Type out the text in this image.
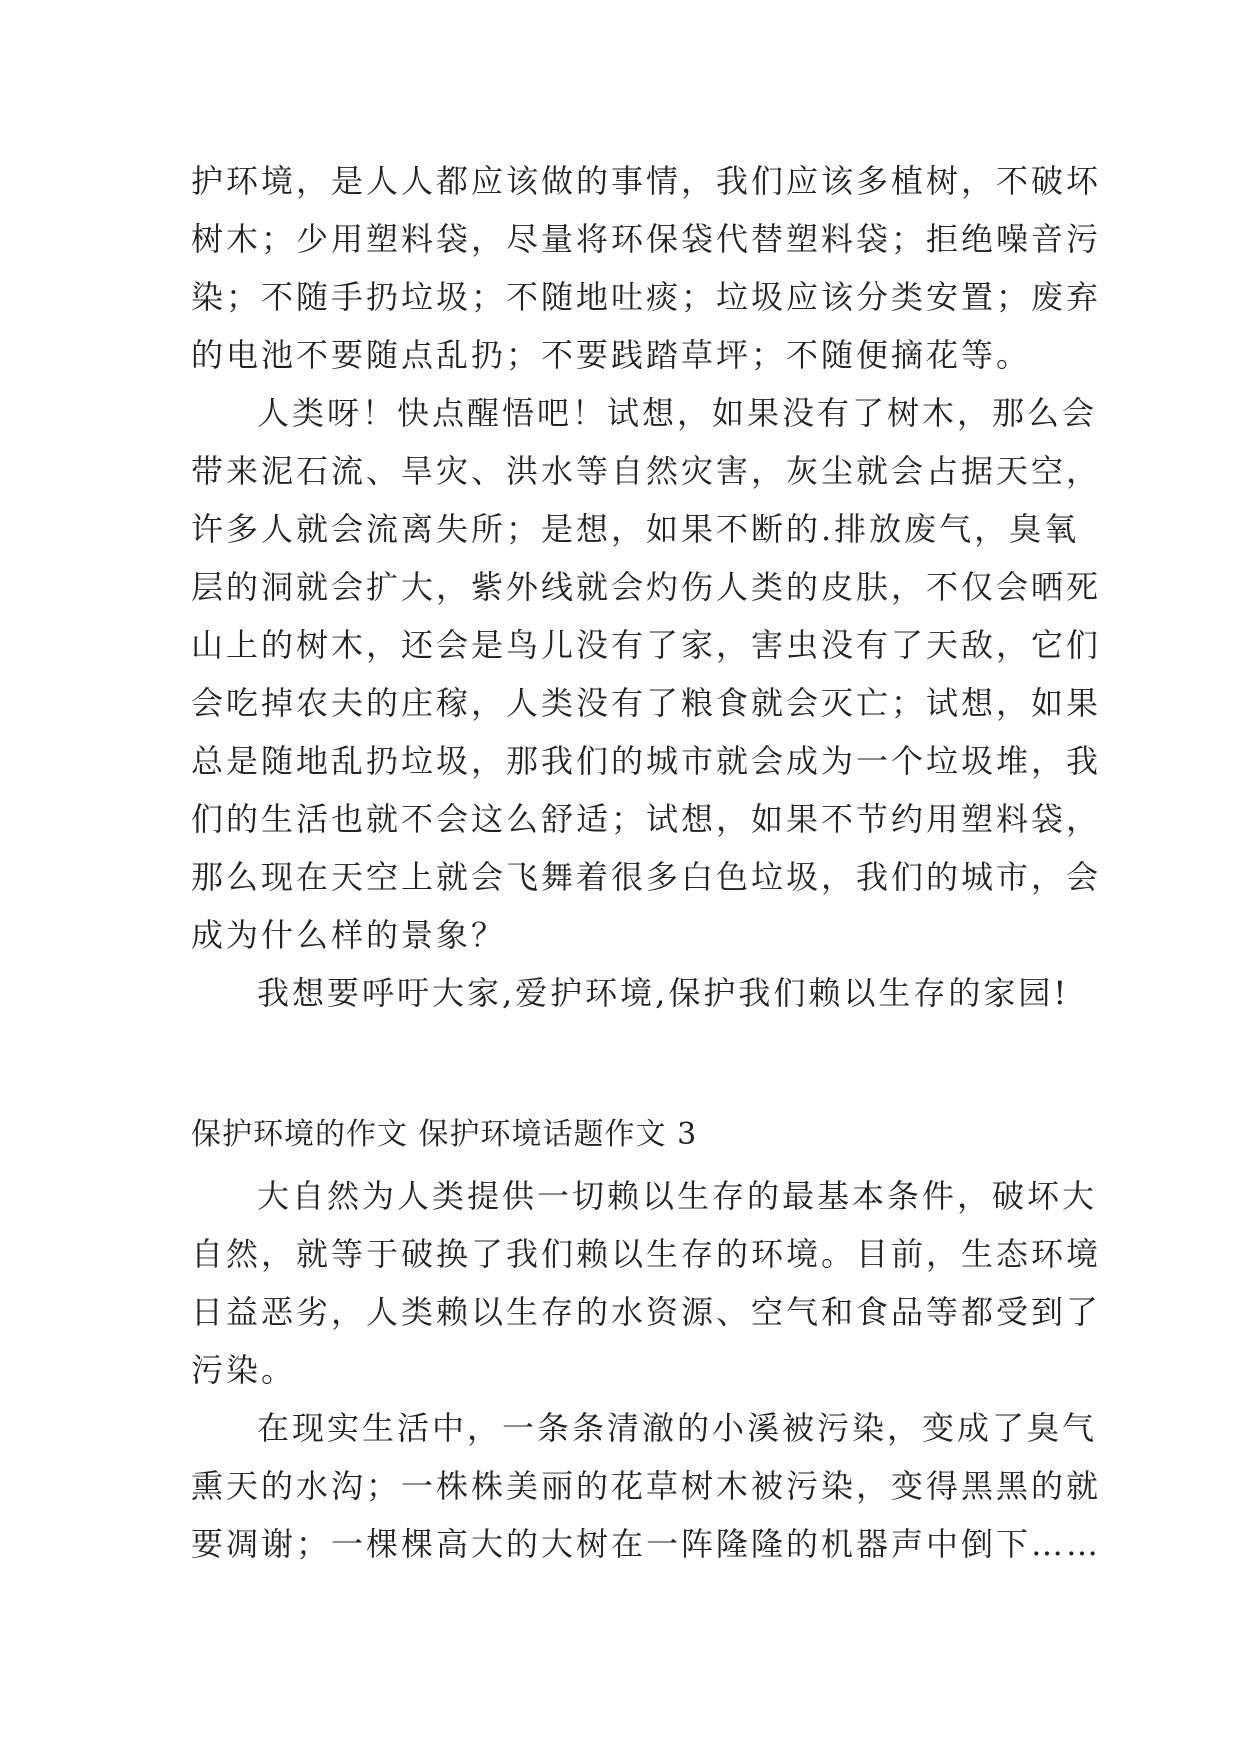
护环境，是人人都应该做的事情，我们应该多植树，不破坏
树木；少用塑料袋，尽量将环保袋代替塑料袋；拒绝噪音污
染；不随手扔垃圾；不随地吐痰；垃圾应该分类安置；废弃
的电池不要随点乱扔；不要践踏草坪；不随便摘花等。

人类呀！快点醒悟吧！试想，如果没有了树木，那么会
带来泥石流、旱灾、洪水等自然灾害，灰尘就会占据天空，
许多人就会流离失所；是想，如果不断的.排放废气，臭氧
层的洞就会扩大，紫外线就会灼伤人类的皮肤，不仅会晒死
山上的树木，还会是鸟儿没有了家，害虫没有了天敌，它们
会吃掉农夫的庄稼，人类没有了粮食就会灭亡；试想，如果
总是随地乱扔垃圾，那我们的城市就会成为一个垃圾堆，我
们的生活也就不会这么舒适；试想，如果不节约用塑料袋，
那么现在天空上就会飞舞着很多白色垃圾，我们的城市，会
成为什么样的景象？

我想要呼吁大家,爱护环境,保护我们赖以生存的家园!

保护环境的作文 保护环境话题作文 3

大自然为人类提供一切赖以生存的最基本条件，破坏大
自然，就等于破换了我们赖以生存的环境。目前，生态环境
日益恶劣，人类赖以生存的水资源、空气和食品等都受到了
污染。

在现实生活中，一条条清澈的小溪被污染，变成了臭气
熏天的水沟；一株株美丽的花草树木被污染，变得黑黑的就
要凋谢；一棵棵高大的大树在一阵隆隆的机器声中倒下……
